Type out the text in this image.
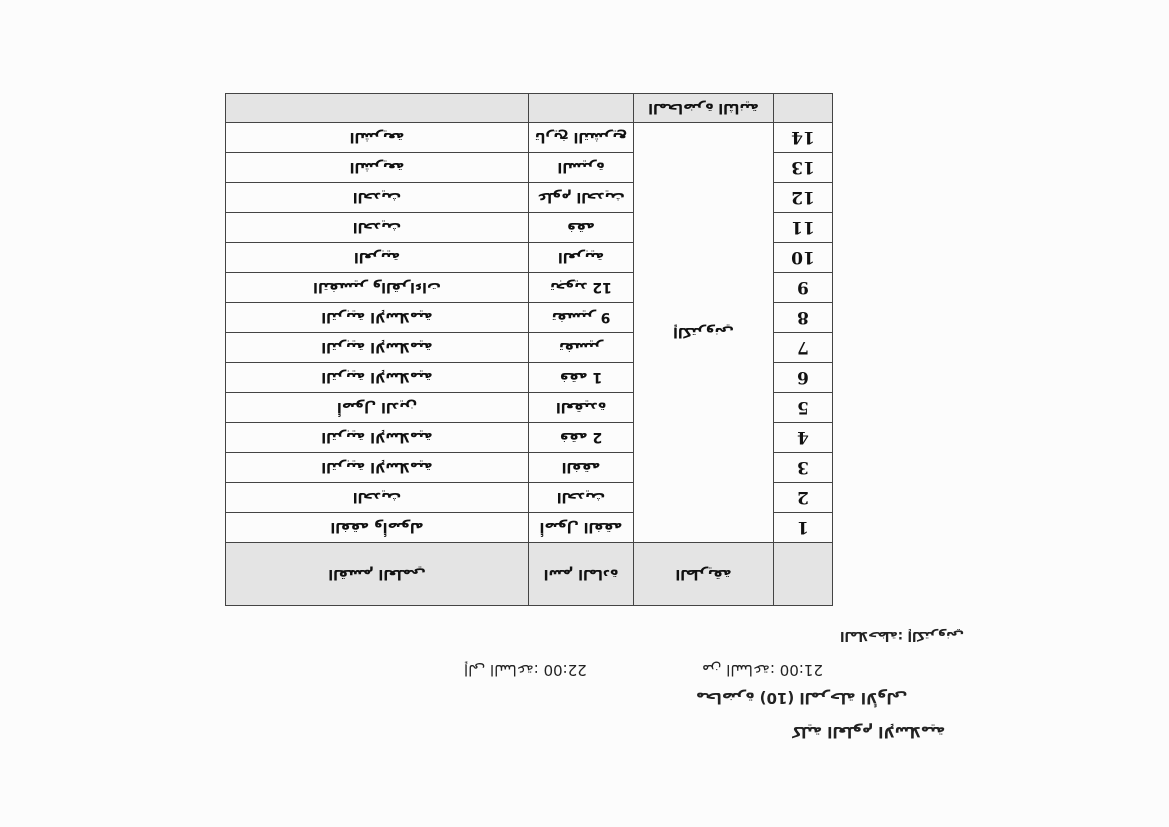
كلية العلوم الإسلامية
محاضرة (10) المرحلة الأولى
من الساعة: 21:00
إلى الساعة: 22:00
الملاحظة: إلكتروني
القسم العلمي	اسم المادة	الطريقة	
الفقه وأصوله	أصول الفقه	إلكتروني	1
الحديث	الحديث		2
التربية الإسلامية	الفقه		3
التربية الإسلامية	فقه 2		4
أصول الدين	العقيدة		5
التربية الإسلامية	فقه 1		6
التربية الإسلامية	تفسير		7
التربية الإسلامية	تفسير 9		8
التفسير والقراءات	تجويد 12		9
العربية	العربية		10
الحديث	فقه		11
الحديث	علوم الحديث		12
الشريعة	السيرة		13
الشريعة	تاريخ التشريع		14
		المحاضرة الثانية	
